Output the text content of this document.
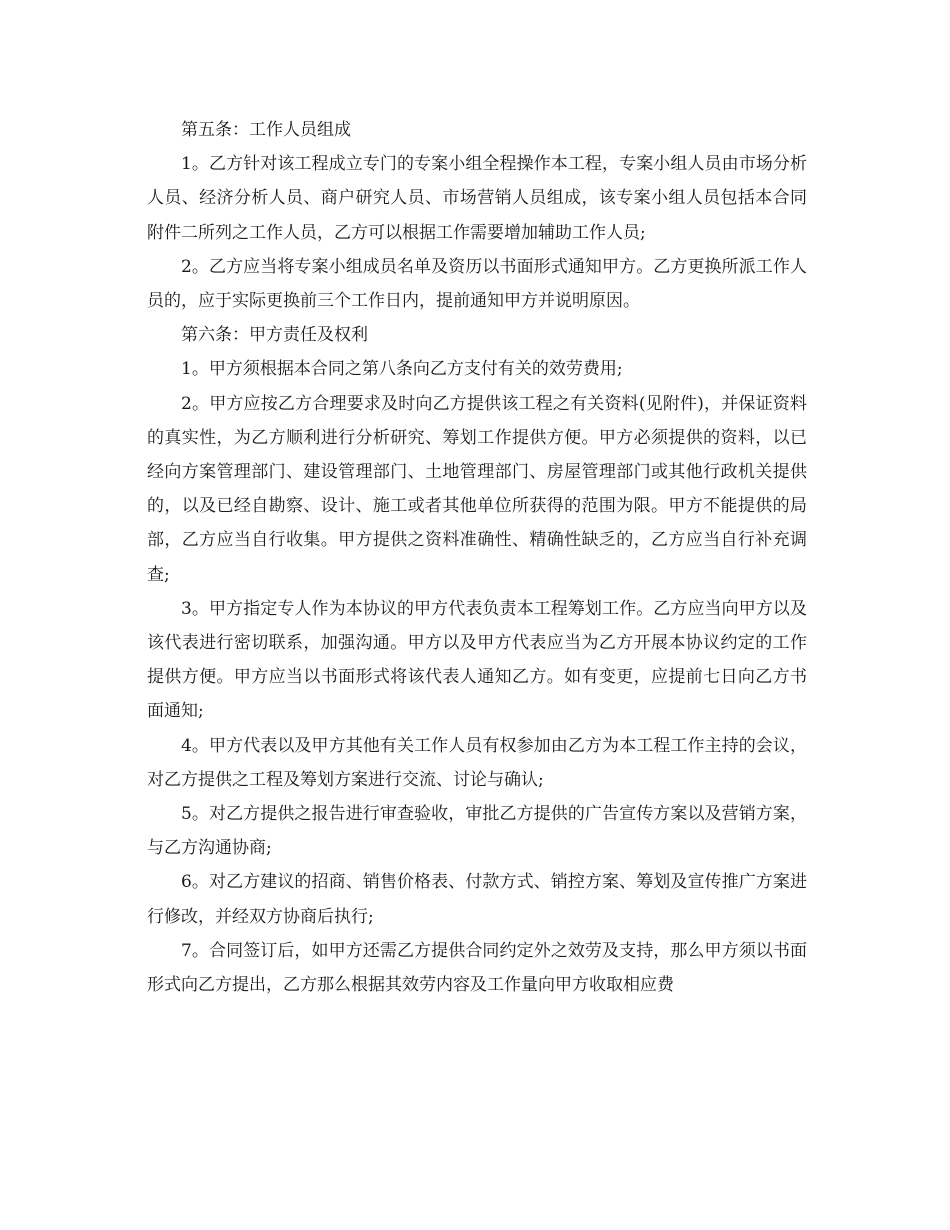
第五条：工作人员组成

1。乙方针对该工程成立专门的专案小组全程操作本工程，专案小组人员由市场分析人员、经济分析人员、商户研究人员、市场营销人员组成，该专案小组人员包括本合同附件二所列之工作人员，乙方可以根据工作需要增加辅助工作人员;

2。乙方应当将专案小组成员名单及资历以书面形式通知甲方。乙方更换所派工作人员的，应于实际更换前三个工作日内，提前通知甲方并说明原因。

第六条：甲方责任及权利

1。甲方须根据本合同之第八条向乙方支付有关的效劳费用;

2。甲方应按乙方合理要求及时向乙方提供该工程之有关资料(见附件)，并保证资料的真实性，为乙方顺利进行分析研究、筹划工作提供方便。甲方必须提供的资料，以已经向方案管理部门、建设管理部门、土地管理部门、房屋管理部门或其他行政机关提供的，以及已经自勘察、设计、施工或者其他单位所获得的范围为限。甲方不能提供的局部，乙方应当自行收集。甲方提供之资料准确性、精确性缺乏的，乙方应当自行补充调查;

3。甲方指定专人作为本协议的甲方代表负责本工程筹划工作。乙方应当向甲方以及该代表进行密切联系，加强沟通。甲方以及甲方代表应当为乙方开展本协议约定的工作提供方便。甲方应当以书面形式将该代表人通知乙方。如有变更，应提前七日向乙方书面通知;

4。甲方代表以及甲方其他有关工作人员有权参加由乙方为本工程工作主持的会议，对乙方提供之工程及筹划方案进行交流、讨论与确认;

5。对乙方提供之报告进行审查验收，审批乙方提供的广告宣传方案以及营销方案，与乙方沟通协商;

6。对乙方建议的招商、销售价格表、付款方式、销控方案、筹划及宣传推广方案进行修改，并经双方协商后执行;

7。合同签订后，如甲方还需乙方提供合同约定外之效劳及支持，那么甲方须以书面形式向乙方提出，乙方那么根据其效劳内容及工作量向甲方收取相应费
